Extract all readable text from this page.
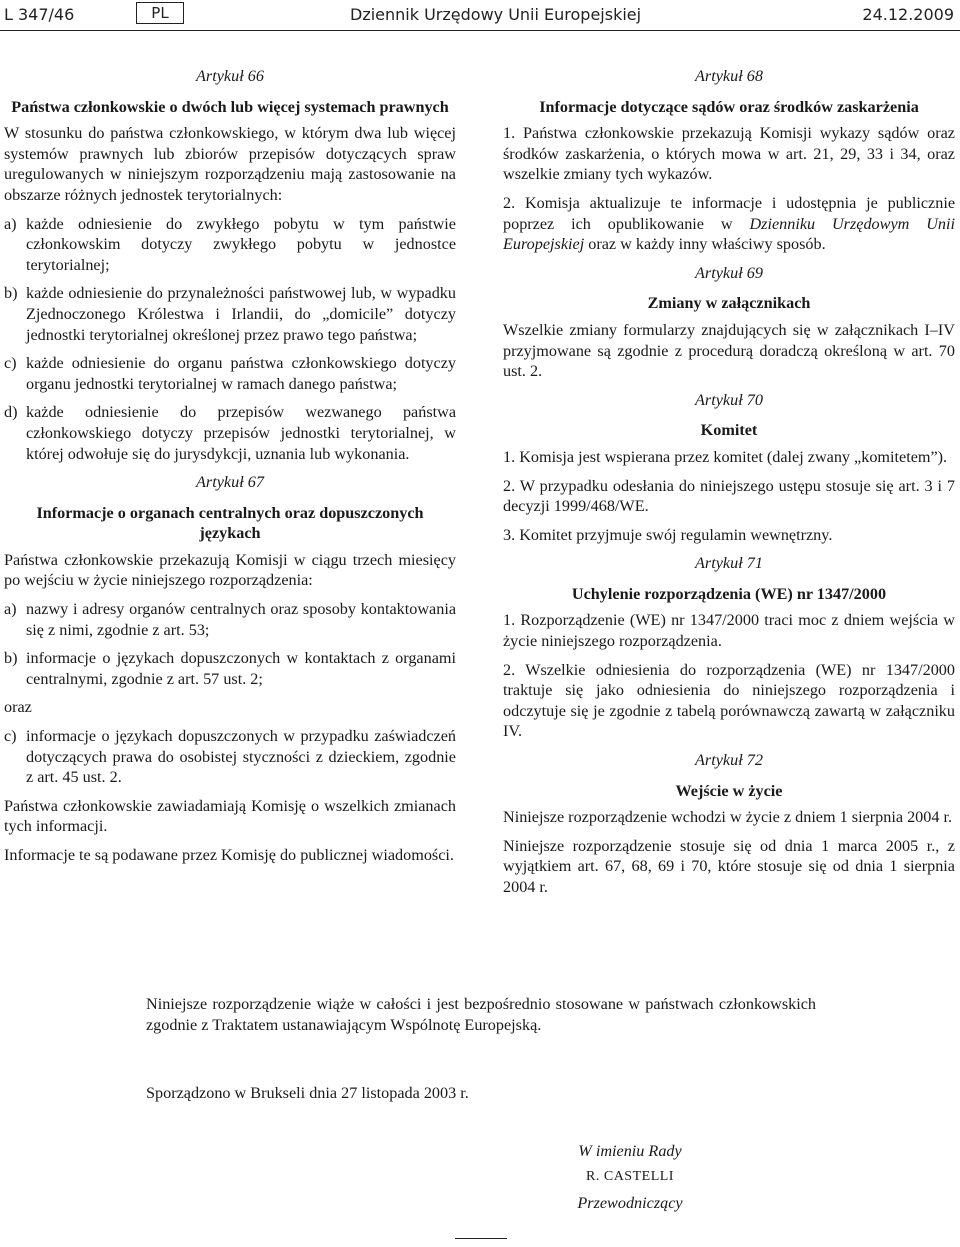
L 347/46	PL	Dziennik Urzędowy Unii Europejskiej	24.12.2009
Artykuł 66
Państwa członkowskie o dwóch lub więcej systemach prawnych

W stosunku do państwa członkowskiego, w którym dwa lub więcej systemów prawnych lub zbiorów przepisów dotyczących spraw uregulowanych w niniejszym rozporządzeniu mają zastosowanie na obszarze różnych jednostek terytorialnych:

a) każde odniesienie do zwykłego pobytu w tym państwie członkowskim dotyczy zwykłego pobytu w jednostce terytorialnej;
b) każde odniesienie do przynależności państwowej lub, w wypadku Zjednoczonego Królestwa i Irlandii, do „domicile” dotyczy jednostki terytorialnej określonej przez prawo tego państwa;
c) każde odniesienie do organu państwa członkowskiego dotyczy organu jednostki terytorialnej w ramach danego państwa;
d) każde odniesienie do przepisów wezwanego państwa członkowskiego dotyczy przepisów jednostki terytorialnej, w której odwołuje się do jurysdykcji, uznania lub wykonania.
Artykuł 67
Informacje o organach centralnych oraz dopuszczonych językach

Państwa członkowskie przekazują Komisji w ciągu trzech miesięcy po wejściu w życie niniejszego rozporządzenia:

a) nazwy i adresy organów centralnych oraz sposoby kontaktowania się z nimi, zgodnie z art. 53;
b) informacje o językach dopuszczonych w kontaktach z organami centralnymi, zgodnie z art. 57 ust. 2;

oraz

c) informacje o językach dopuszczonych w przypadku zaświadczeń dotyczących prawa do osobistej styczności z dzieckiem, zgodnie z art. 45 ust. 2.

Państwa członkowskie zawiadamiają Komisję o wszelkich zmianach tych informacji.

Informacje te są podawane przez Komisję do publicznej wiadomości.

Artykuł 68
Informacje dotyczące sądów oraz środków zaskarżenia

1. Państwa członkowskie przekazują Komisji wykazy sądów oraz środków zaskarżenia, o których mowa w art. 21, 29, 33 i 34, oraz wszelkie zmiany tych wykazów.

2. Komisja aktualizuje te informacje i udostępnia je publicznie poprzez ich opublikowanie w Dzienniku Urzędowym Unii Europejskiej oraz w każdy inny właściwy sposób.

Artykuł 69
Zmiany w załącznikach

Wszelkie zmiany formularzy znajdujących się w załącznikach I–IV przyjmowane są zgodnie z procedurą doradczą określoną w art. 70 ust. 2.

Artykuł 70
Komitet

1. Komisja jest wspierana przez komitet (dalej zwany „komitetem”).

2. W przypadku odesłania do niniejszego ustępu stosuje się art. 3 i 7 decyzji 1999/468/WE.

3. Komitet przyjmuje swój regulamin wewnętrzny.

Artykuł 71
Uchylenie rozporządzenia (WE) nr 1347/2000

1. Rozporządzenie (WE) nr 1347/2000 traci moc z dniem wejścia w życie niniejszego rozporządzenia.

2. Wszelkie odniesienia do rozporządzenia (WE) nr 1347/2000 traktuje się jako odniesienia do niniejszego rozporządzenia i odczytuje się je zgodnie z tabelą porównawczą zawartą w załączniku IV.

Artykuł 72
Wejście w życie

Niniejsze rozporządzenie wchodzi w życie z dniem 1 sierpnia 2004 r.

Niniejsze rozporządzenie stosuje się od dnia 1 marca 2005 r., z wyjątkiem art. 67, 68, 69 i 70, które stosuje się od dnia 1 sierpnia 2004 r.

Niniejsze rozporządzenie wiąże w całości i jest bezpośrednio stosowane w państwach członkowskich zgodnie z Traktatem ustanawiającym Wspólnotę Europejską.

Sporządzono w Brukseli dnia 27 listopada 2003 r.
W imieniu Rady
R. CASTELLI
Przewodniczący
